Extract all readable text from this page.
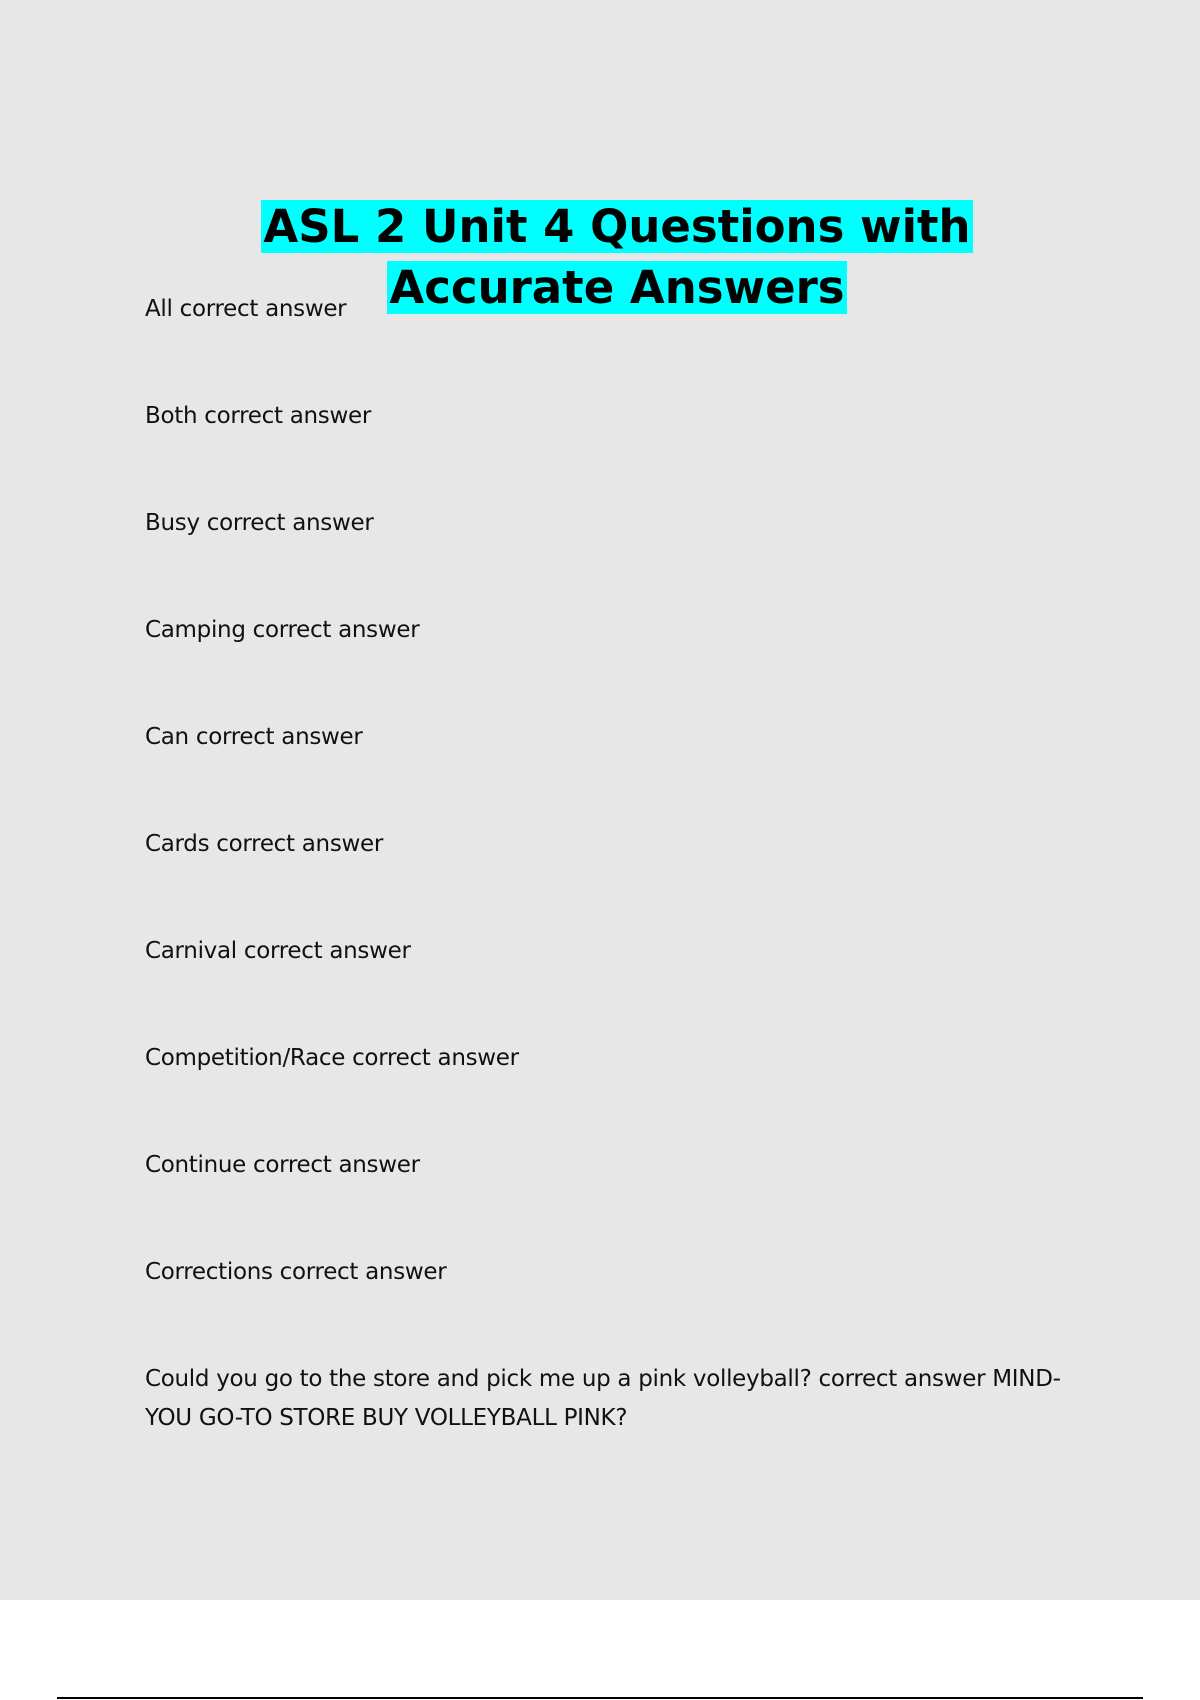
ASL 2 Unit 4 Questions with
Accurate Answers
All correct answer
Both correct answer
Busy correct answer
Camping correct answer
Can correct answer
Cards correct answer
Carnival correct answer
Competition/Race correct answer
Continue correct answer
Corrections correct answer
Could you go to the store and pick me up a pink volleyball? correct answer MIND-YOU GO-TO STORE BUY VOLLEYBALL PINK?
